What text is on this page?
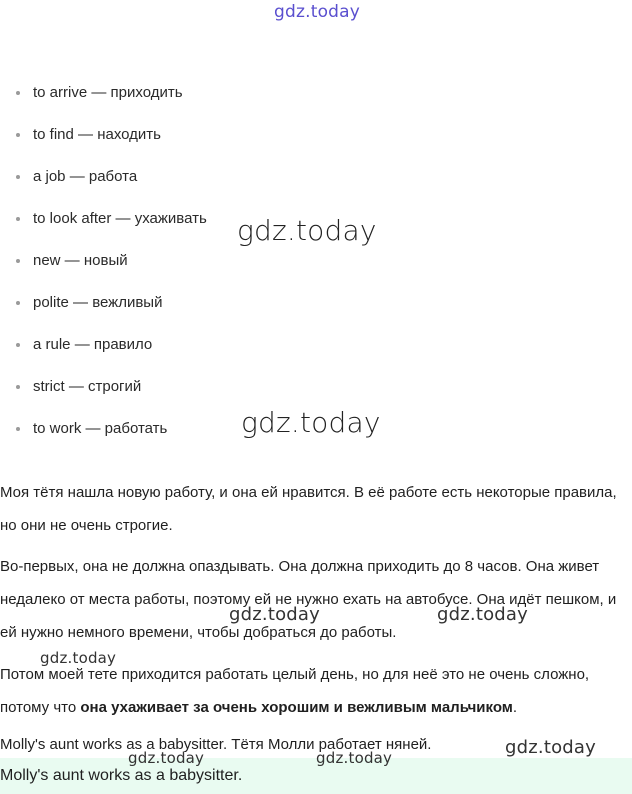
gdz.today
to arrive — приходить
to find — находить
a job — работа
to look after — ухаживать
new — новый
polite — вежливый
a rule — правило
strict — строгий
to work — работать
gdz.today
gdz.today
Моя тётя нашла новую работу, и она ей нравится. В её работе есть некоторые правила, но они не очень строгие.
Во-первых, она не должна опаздывать. Она должна приходить до 8 часов. Она живет недалеко от места работы, поэтому ей не нужно ехать на автобусе. Она идёт пешком, и ей нужно немного времени, чтобы добраться до работы.
Потом моей тете приходится работать целый день, но для неё это не очень сложно, потому что она ухаживает за очень хорошим и вежливым мальчиком.
Molly's aunt works as a babysitter. Тётя Молли работает няней.
Molly's aunt works as a babysitter.
gdz.today	gdz.today
gdz.today
gdz.today
gdz.today	gdz.today
